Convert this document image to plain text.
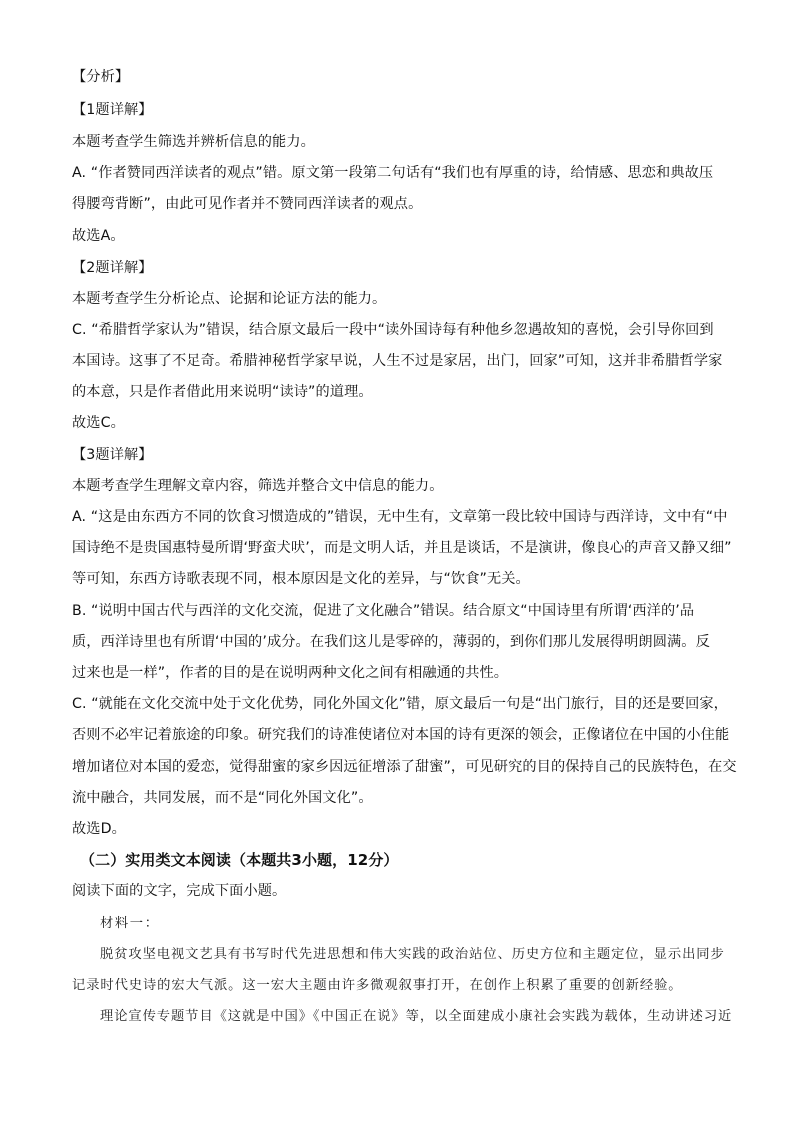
【分析】
【1题详解】
本题考查学生筛选并辨析信息的能力。
A. “作者赞同西洋读者的观点”错。原文第一段第二句话有“我们也有厚重的诗，给情感、思恋和典故压
得腰弯背断”，由此可见作者并不赞同西洋读者的观点。
故选A。
【2题详解】
本题考查学生分析论点、论据和论证方法的能力。
C. “希腊哲学家认为”错误，结合原文最后一段中“读外国诗每有种他乡忽遇故知的喜悦，会引导你回到
本国诗。这事了不足奇。希腊神秘哲学家早说，人生不过是家居，出门，回家”可知，这并非希腊哲学家
的本意，只是作者借此用来说明“读诗”的道理。
故选C。
【3题详解】
本题考查学生理解文章内容，筛选并整合文中信息的能力。
A. “这是由东西方不同的饮食习惯造成的”错误，无中生有，文章第一段比较中国诗与西洋诗，文中有“中
国诗绝不是贵国惠特曼所谓‘野蛮犬吠’，而是文明人话，并且是谈话，不是演讲，像良心的声音又静又细”
等可知，东西方诗歌表现不同，根本原因是文化的差异，与“饮食”无关。
B. “说明中国古代与西洋的文化交流，促进了文化融合”错误。结合原文“中国诗里有所谓‘西洋的’品
质，西洋诗里也有所谓‘中国的’成分。在我们这儿是零碎的，薄弱的，到你们那儿发展得明朗圆满。反
过来也是一样”，作者的目的是在说明两种文化之间有相融通的共性。
C. “就能在文化交流中处于文化优势，同化外国文化”错，原文最后一句是“出门旅行，目的还是要回家，
否则不必牢记着旅途的印象。研究我们的诗准使诸位对本国的诗有更深的领会，正像诸位在中国的小住能
增加诸位对本国的爱恋，觉得甜蜜的家乡因远征增添了甜蜜”，可见研究的目的保持自己的民族特色，在交
流中融合，共同发展，而不是“同化外国文化”。
故选D。
（二）实用类文本阅读（本题共3小题，12分）
阅读下面的文字，完成下面小题。
材料一：
脱贫攻坚电视文艺具有书写时代先进思想和伟大实践的政治站位、历史方位和主题定位，显示出同步
记录时代史诗的宏大气派。这一宏大主题由许多微观叙事打开，在创作上积累了重要的创新经验。
理论宣传专题节目《这就是中国》《中国正在说》等，以全面建成小康社会实践为载体，生动讲述习近
